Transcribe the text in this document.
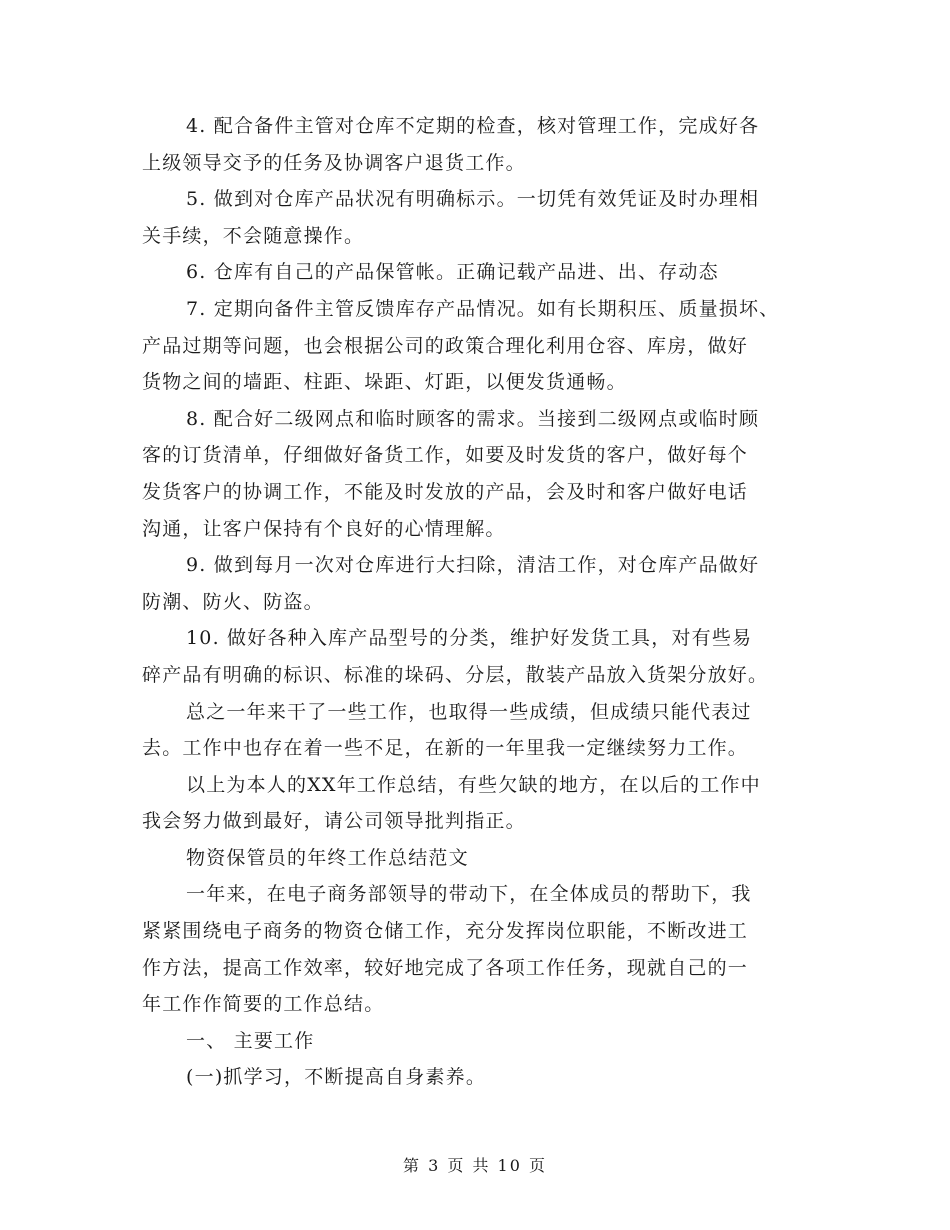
4. 配合备件主管对仓库不定期的检查，核对管理工作，完成好各
上级领导交予的任务及协调客户退货工作。
5. 做到对仓库产品状况有明确标示。一切凭有效凭证及时办理相
关手续，不会随意操作。
6. 仓库有自己的产品保管帐。正确记载产品进、出、存动态
7. 定期向备件主管反馈库存产品情况。如有长期积压、质量损坏、
产品过期等问题，也会根据公司的政策合理化利用仓容、库房，做好
货物之间的墙距、柱距、垛距、灯距，以便发货通畅。
8. 配合好二级网点和临时顾客的需求。当接到二级网点或临时顾
客的订货清单，仔细做好备货工作，如要及时发货的客户，做好每个
发货客户的协调工作，不能及时发放的产品，会及时和客户做好电话
沟通，让客户保持有个良好的心情理解。
9. 做到每月一次对仓库进行大扫除，清洁工作，对仓库产品做好
防潮、防火、防盗。
10. 做好各种入库产品型号的分类，维护好发货工具，对有些易
碎产品有明确的标识、标准的垛码、分层，散装产品放入货架分放好。
总之一年来干了一些工作，也取得一些成绩，但成绩只能代表过
去。工作中也存在着一些不足，在新的一年里我一定继续努力工作。
以上为本人的XX年工作总结，有些欠缺的地方，在以后的工作中
我会努力做到最好，请公司领导批判指正。
物资保管员的年终工作总结范文
一年来，在电子商务部领导的带动下，在全体成员的帮助下，我
紧紧围绕电子商务的物资仓储工作，充分发挥岗位职能，不断改进工
作方法，提高工作效率，较好地完成了各项工作任务，现就自己的一
年工作作简要的工作总结。
一、 主要工作
(一)抓学习，不断提高自身素养。
第 3 页 共 10 页
